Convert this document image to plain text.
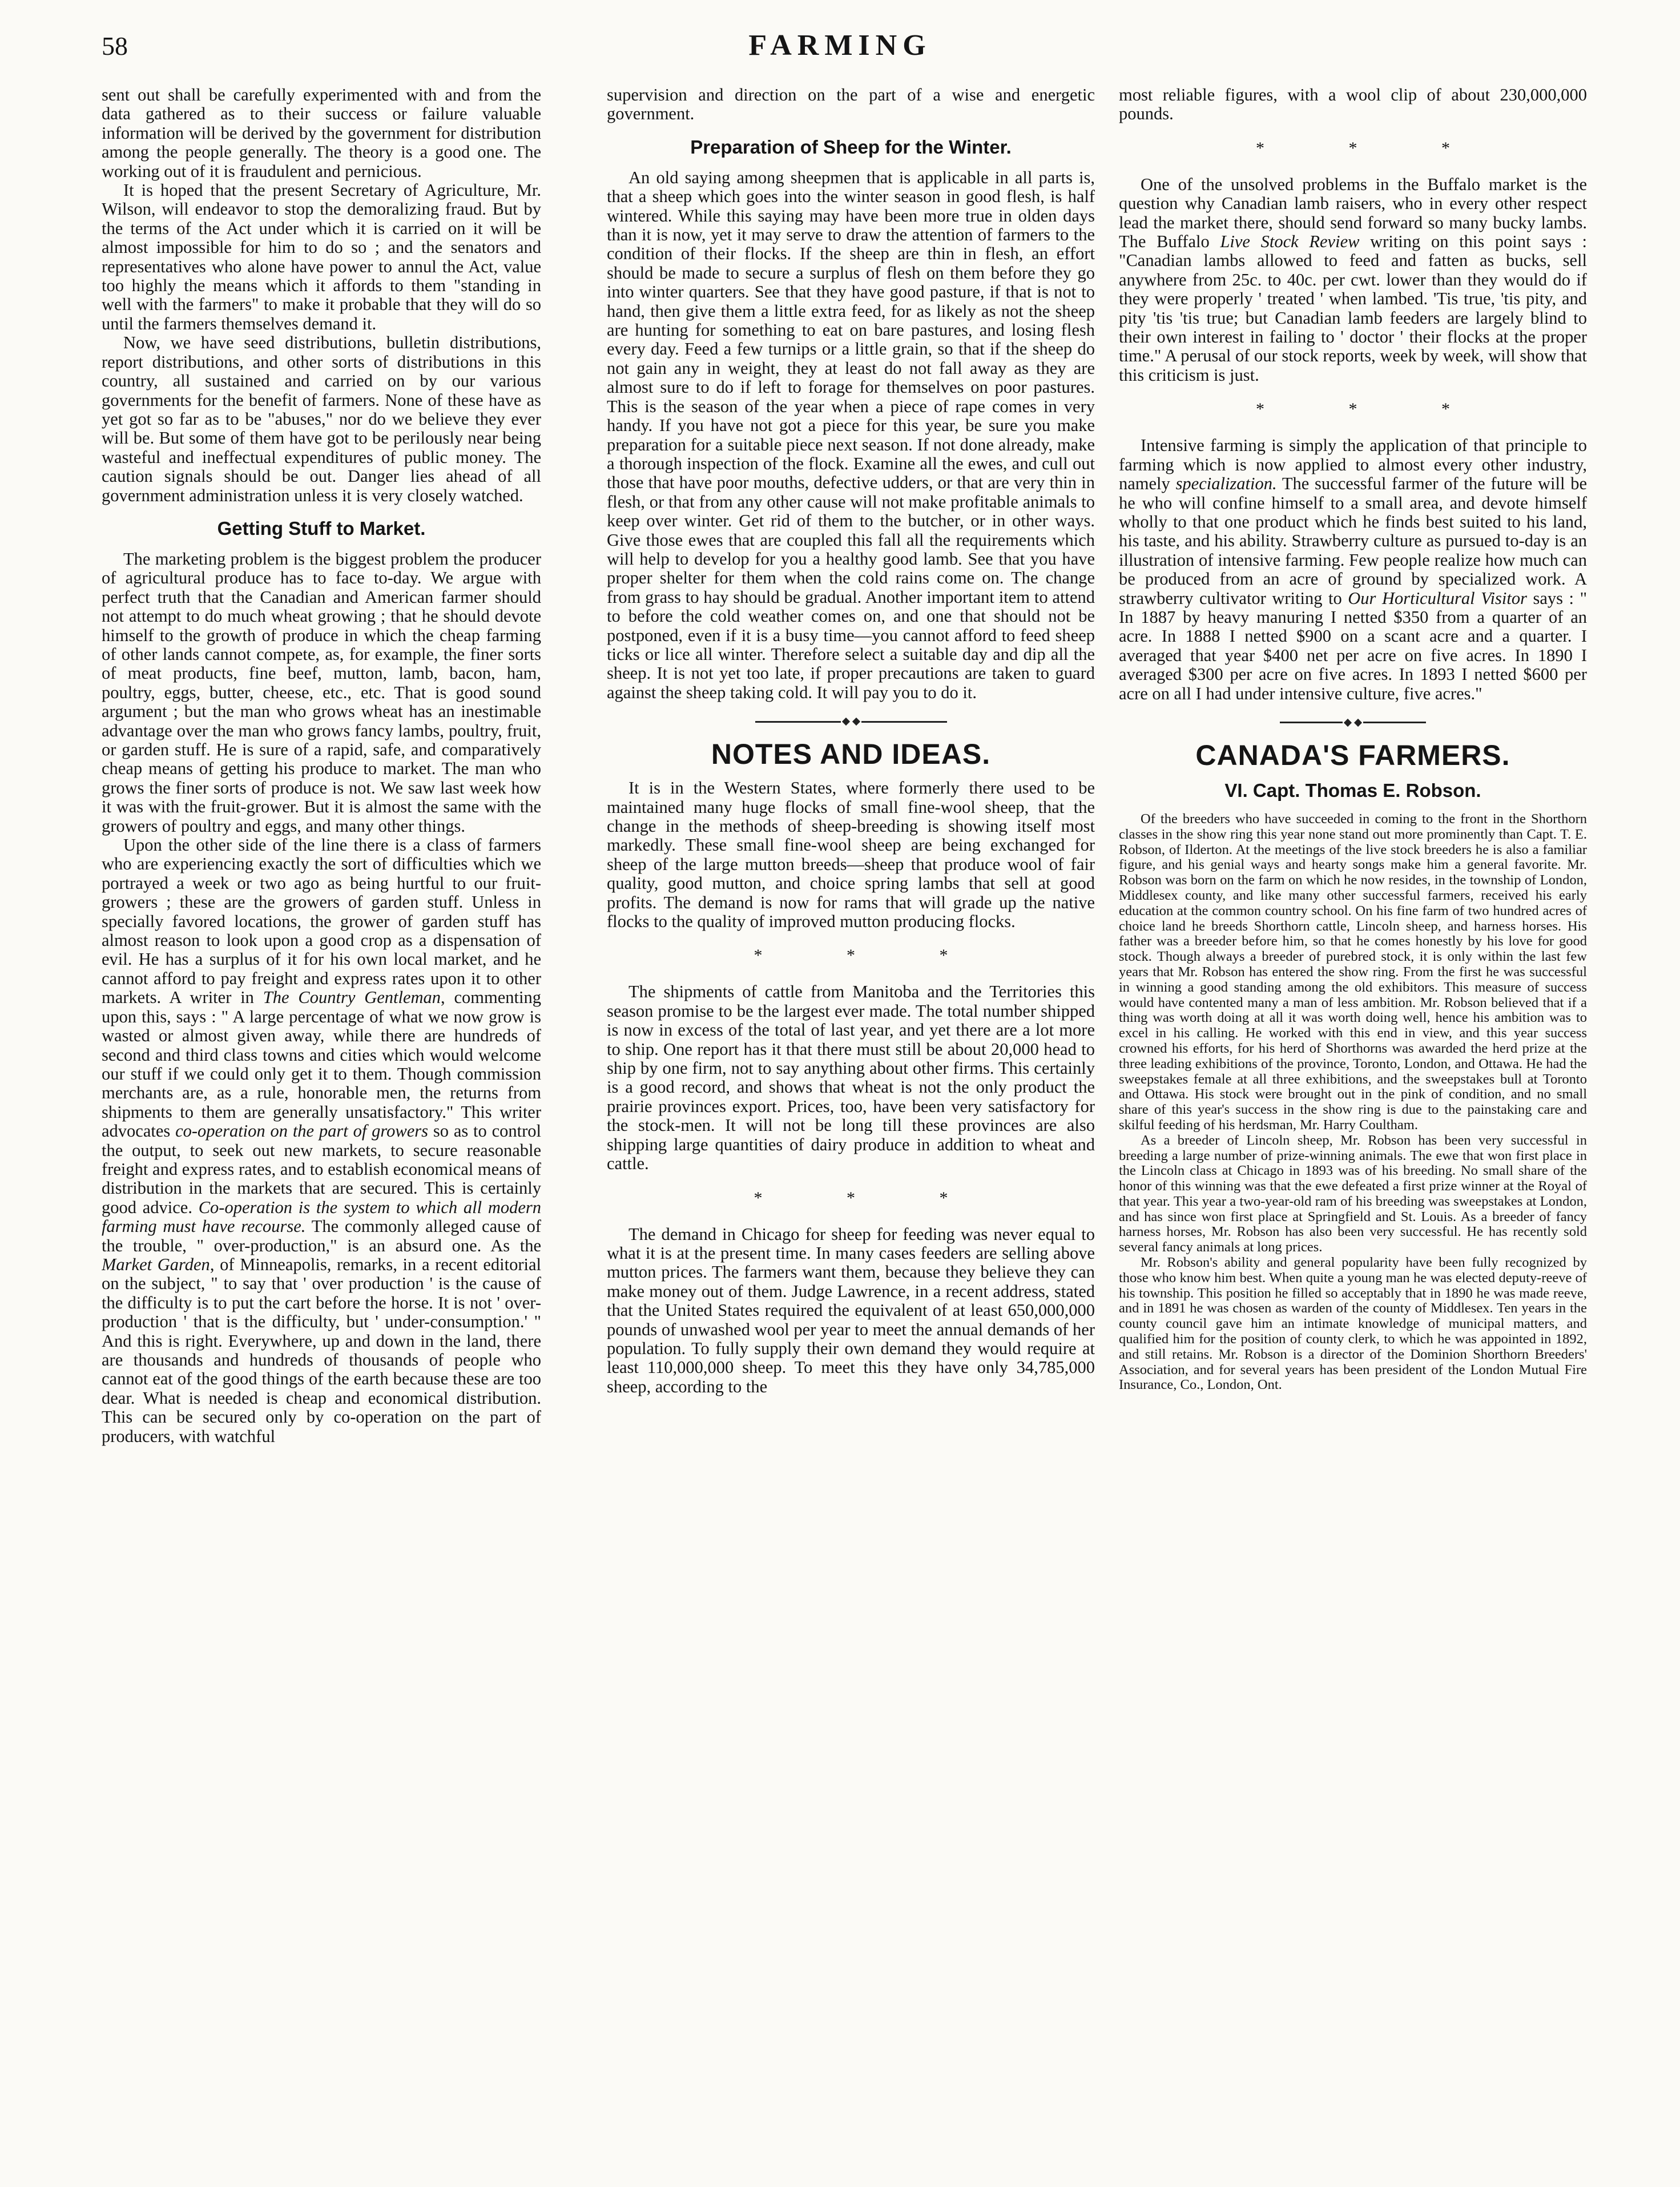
58	FARMING

sent out shall be carefully experimented with and from the data gathered as to their success or failure valuable information will be derived by the government for distribution among the people generally. The theory is a good one. The working out of it is fraudulent and pernicious.

It is hoped that the present Secretary of Agriculture, Mr. Wilson, will endeavor to stop the demoralizing fraud. But by the terms of the Act under which it is carried on it will be almost impossible for him to do so ; and the senators and representatives who alone have power to annul the Act, value too highly the means which it affords to them "standing in well with the farmers" to make it probable that they will do so until the farmers themselves demand it.

Now, we have seed distributions, bulletin distributions, report distributions, and other sorts of distributions in this country, all sustained and carried on by our various governments for the benefit of farmers. None of these have as yet got so far as to be "abuses," nor do we believe they ever will be. But some of them have got to be perilously near being wasteful and ineffectual expenditures of public money. The caution signals should be out. Danger lies ahead of all government administration unless it is very closely watched.

Getting Stuff to Market.

The marketing problem is the biggest problem the producer of agricultural produce has to face to-day. We argue with perfect truth that the Canadian and American farmer should not attempt to do much wheat growing ; that he should devote himself to the growth of produce in which the cheap farming of other lands cannot compete, as, for example, the finer sorts of meat products, fine beef, mutton, lamb, bacon, ham, poultry, eggs, butter, cheese, etc., etc. That is good sound argument ; but the man who grows wheat has an inestimable advantage over the man who grows fancy lambs, poultry, fruit, or garden stuff. He is sure of a rapid, safe, and comparatively cheap means of getting his produce to market. The man who grows the finer sorts of produce is not. We saw last week how it was with the fruit-grower. But it is almost the same with the growers of poultry and eggs, and many other things.

Upon the other side of the line there is a class of farmers who are experiencing exactly the sort of difficulties which we portrayed a week or two ago as being hurtful to our fruit-growers ; these are the growers of garden stuff. Unless in specially favored locations, the grower of garden stuff has almost reason to look upon a good crop as a dispensation of evil. He has a surplus of it for his own local market, and he cannot afford to pay freight and express rates upon it to other markets. A writer in The Country Gentleman, commenting upon this, says : " A large percentage of what we now grow is wasted or almost given away, while there are hundreds of second and third class towns and cities which would welcome our stuff if we could only get it to them. Though commission merchants are, as a rule, honorable men, the returns from shipments to them are generally unsatisfactory." This writer advocates co-operation on the part of growers so as to control the output, to seek out new markets, to secure reasonable freight and express rates, and to establish economical means of distribution in the markets that are secured. This is certainly good advice. Co-operation is the system to which all modern farming must have recourse. The commonly alleged cause of the trouble, " over-production," is an absurd one. As the Market Garden, of Minneapolis, remarks, in a recent editorial on the subject, " to say that ' over production ' is the cause of the difficulty is to put the cart before the horse. It is not ' over-production ' that is the difficulty, but ' under-consumption.' " And this is right. Everywhere, up and down in the land, there are thousands and hundreds of thousands of people who cannot eat of the good things of the earth because these are too dear. What is needed is cheap and economical distribution. This can be secured only by co-operation on the part of producers, with watchful

supervision and direction on the part of a wise and energetic government.

Preparation of Sheep for the Winter.

An old saying among sheepmen that is applicable in all parts is, that a sheep which goes into the winter season in good flesh, is half wintered. While this saying may have been more true in olden days than it is now, yet it may serve to draw the attention of farmers to the condition of their flocks. If the sheep are thin in flesh, an effort should be made to secure a surplus of flesh on them before they go into winter quarters. See that they have good pasture, if that is not to hand, then give them a little extra feed, for as likely as not the sheep are hunting for something to eat on bare pastures, and losing flesh every day. Feed a few turnips or a little grain, so that if the sheep do not gain any in weight, they at least do not fall away as they are almost sure to do if left to forage for themselves on poor pastures. This is the season of the year when a piece of rape comes in very handy. If you have not got a piece for this year, be sure you make preparation for a suitable piece next season. If not done already, make a thorough inspection of the flock. Examine all the ewes, and cull out those that have poor mouths, defective udders, or that are very thin in flesh, or that from any other cause will not make profitable animals to keep over winter. Get rid of them to the butcher, or in other ways. Give those ewes that are coupled this fall all the requirements which will help to develop for you a healthy good lamb. See that you have proper shelter for them when the cold rains come on. The change from grass to hay should be gradual. Another important item to attend to before the cold weather comes on, and one that should not be postponed, even if it is a busy time—you cannot afford to feed sheep ticks or lice all winter. Therefore select a suitable day and dip all the sheep. It is not yet too late, if proper precautions are taken to guard against the sheep taking cold. It will pay you to do it.

NOTES AND IDEAS.

It is in the Western States, where formerly there used to be maintained many huge flocks of small fine-wool sheep, that the change in the methods of sheep-breeding is showing itself most markedly. These small fine-wool sheep are being exchanged for sheep of the large mutton breeds—sheep that produce wool of fair quality, good mutton, and choice spring lambs that sell at good profits. The demand is now for rams that will grade up the native flocks to the quality of improved mutton producing flocks.

* * *

The shipments of cattle from Manitoba and the Territories this season promise to be the largest ever made. The total number shipped is now in excess of the total of last year, and yet there are a lot more to ship. One report has it that there must still be about 20,000 head to ship by one firm, not to say anything about other firms. This certainly is a good record, and shows that wheat is not the only product the prairie provinces export. Prices, too, have been very satisfactory for the stock-men. It will not be long till these provinces are also shipping large quantities of dairy produce in addition to wheat and cattle.

* * *

The demand in Chicago for sheep for feeding was never equal to what it is at the present time. In many cases feeders are selling above mutton prices. The farmers want them, because they believe they can make money out of them. Judge Lawrence, in a recent address, stated that the United States required the equivalent of at least 650,000,000 pounds of unwashed wool per year to meet the annual demands of her population. To fully supply their own demand they would require at least 110,000,000 sheep. To meet this they have only 34,785,000 sheep, according to the

most reliable figures, with a wool clip of about 230,000,000 pounds.

* * *

One of the unsolved problems in the Buffalo market is the question why Canadian lamb raisers, who in every other respect lead the market there, should send forward so many bucky lambs. The Buffalo Live Stock Review writing on this point says : "Canadian lambs allowed to feed and fatten as bucks, sell anywhere from 25c. to 40c. per cwt. lower than they would do if they were properly ' treated ' when lambed. 'Tis true, 'tis pity, and pity 'tis 'tis true; but Canadian lamb feeders are largely blind to their own interest in failing to ' doctor ' their flocks at the proper time." A perusal of our stock reports, week by week, will show that this criticism is just.

* * *

Intensive farming is simply the application of that principle to farming which is now applied to almost every other industry, namely specialization. The successful farmer of the future will be he who will confine himself to a small area, and devote himself wholly to that one product which he finds best suited to his land, his taste, and his ability. Strawberry culture as pursued to-day is an illustration of intensive farming. Few people realize how much can be produced from an acre of ground by specialized work. A strawberry cultivator writing to Our Horticultural Visitor says : " In 1887 by heavy manuring I netted $350 from a quarter of an acre. In 1888 I netted $900 on a scant acre and a quarter. I averaged that year $400 net per acre on five acres. In 1890 I averaged $300 per acre on five acres. In 1893 I netted $600 per acre on all I had under intensive culture, five acres."

CANADA'S FARMERS.
VI. Capt. Thomas E. Robson.

Of the breeders who have succeeded in coming to the front in the Shorthorn classes in the show ring this year none stand out more prominently than Capt. T. E. Robson, of Ilderton. At the meetings of the live stock breeders he is also a familiar figure, and his genial ways and hearty songs make him a general favorite. Mr. Robson was born on the farm on which he now resides, in the township of London, Middlesex county, and like many other successful farmers, received his early education at the common country school. On his fine farm of two hundred acres of choice land he breeds Shorthorn cattle, Lincoln sheep, and harness horses. His father was a breeder before him, so that he comes honestly by his love for good stock. Though always a breeder of purebred stock, it is only within the last few years that Mr. Robson has entered the show ring. From the first he was successful in winning a good standing among the old exhibitors. This measure of success would have contented many a man of less ambition. Mr. Robson believed that if a thing was worth doing at all it was worth doing well, hence his ambition was to excel in his calling. He worked with this end in view, and this year success crowned his efforts, for his herd of Shorthorns was awarded the herd prize at the three leading exhibitions of the province, Toronto, London, and Ottawa. He had the sweepstakes female at all three exhibitions, and the sweepstakes bull at Toronto and Ottawa. His stock were brought out in the pink of condition, and no small share of this year's success in the show ring is due to the painstaking care and skilful feeding of his herdsman, Mr. Harry Coultham.

As a breeder of Lincoln sheep, Mr. Robson has been very successful in breeding a large number of prize-winning animals. The ewe that won first place in the Lincoln class at Chicago in 1893 was of his breeding. No small share of the honor of this winning was that the ewe defeated a first prize winner at the Royal of that year. This year a two-year-old ram of his breeding was sweepstakes at London, and has since won first place at Springfield and St. Louis. As a breeder of fancy harness horses, Mr. Robson has also been very successful. He has recently sold several fancy animals at long prices.

Mr. Robson's ability and general popularity have been fully recognized by those who know him best. When quite a young man he was elected deputy-reeve of his township. This position he filled so acceptably that in 1890 he was made reeve, and in 1891 he was chosen as warden of the county of Middlesex. Ten years in the county council gave him an intimate knowledge of municipal matters, and qualified him for the position of county clerk, to which he was appointed in 1892, and still retains. Mr. Robson is a director of the Dominion Shorthorn Breeders' Association, and for several years has been president of the London Mutual Fire Insurance, Co., London, Ont.
